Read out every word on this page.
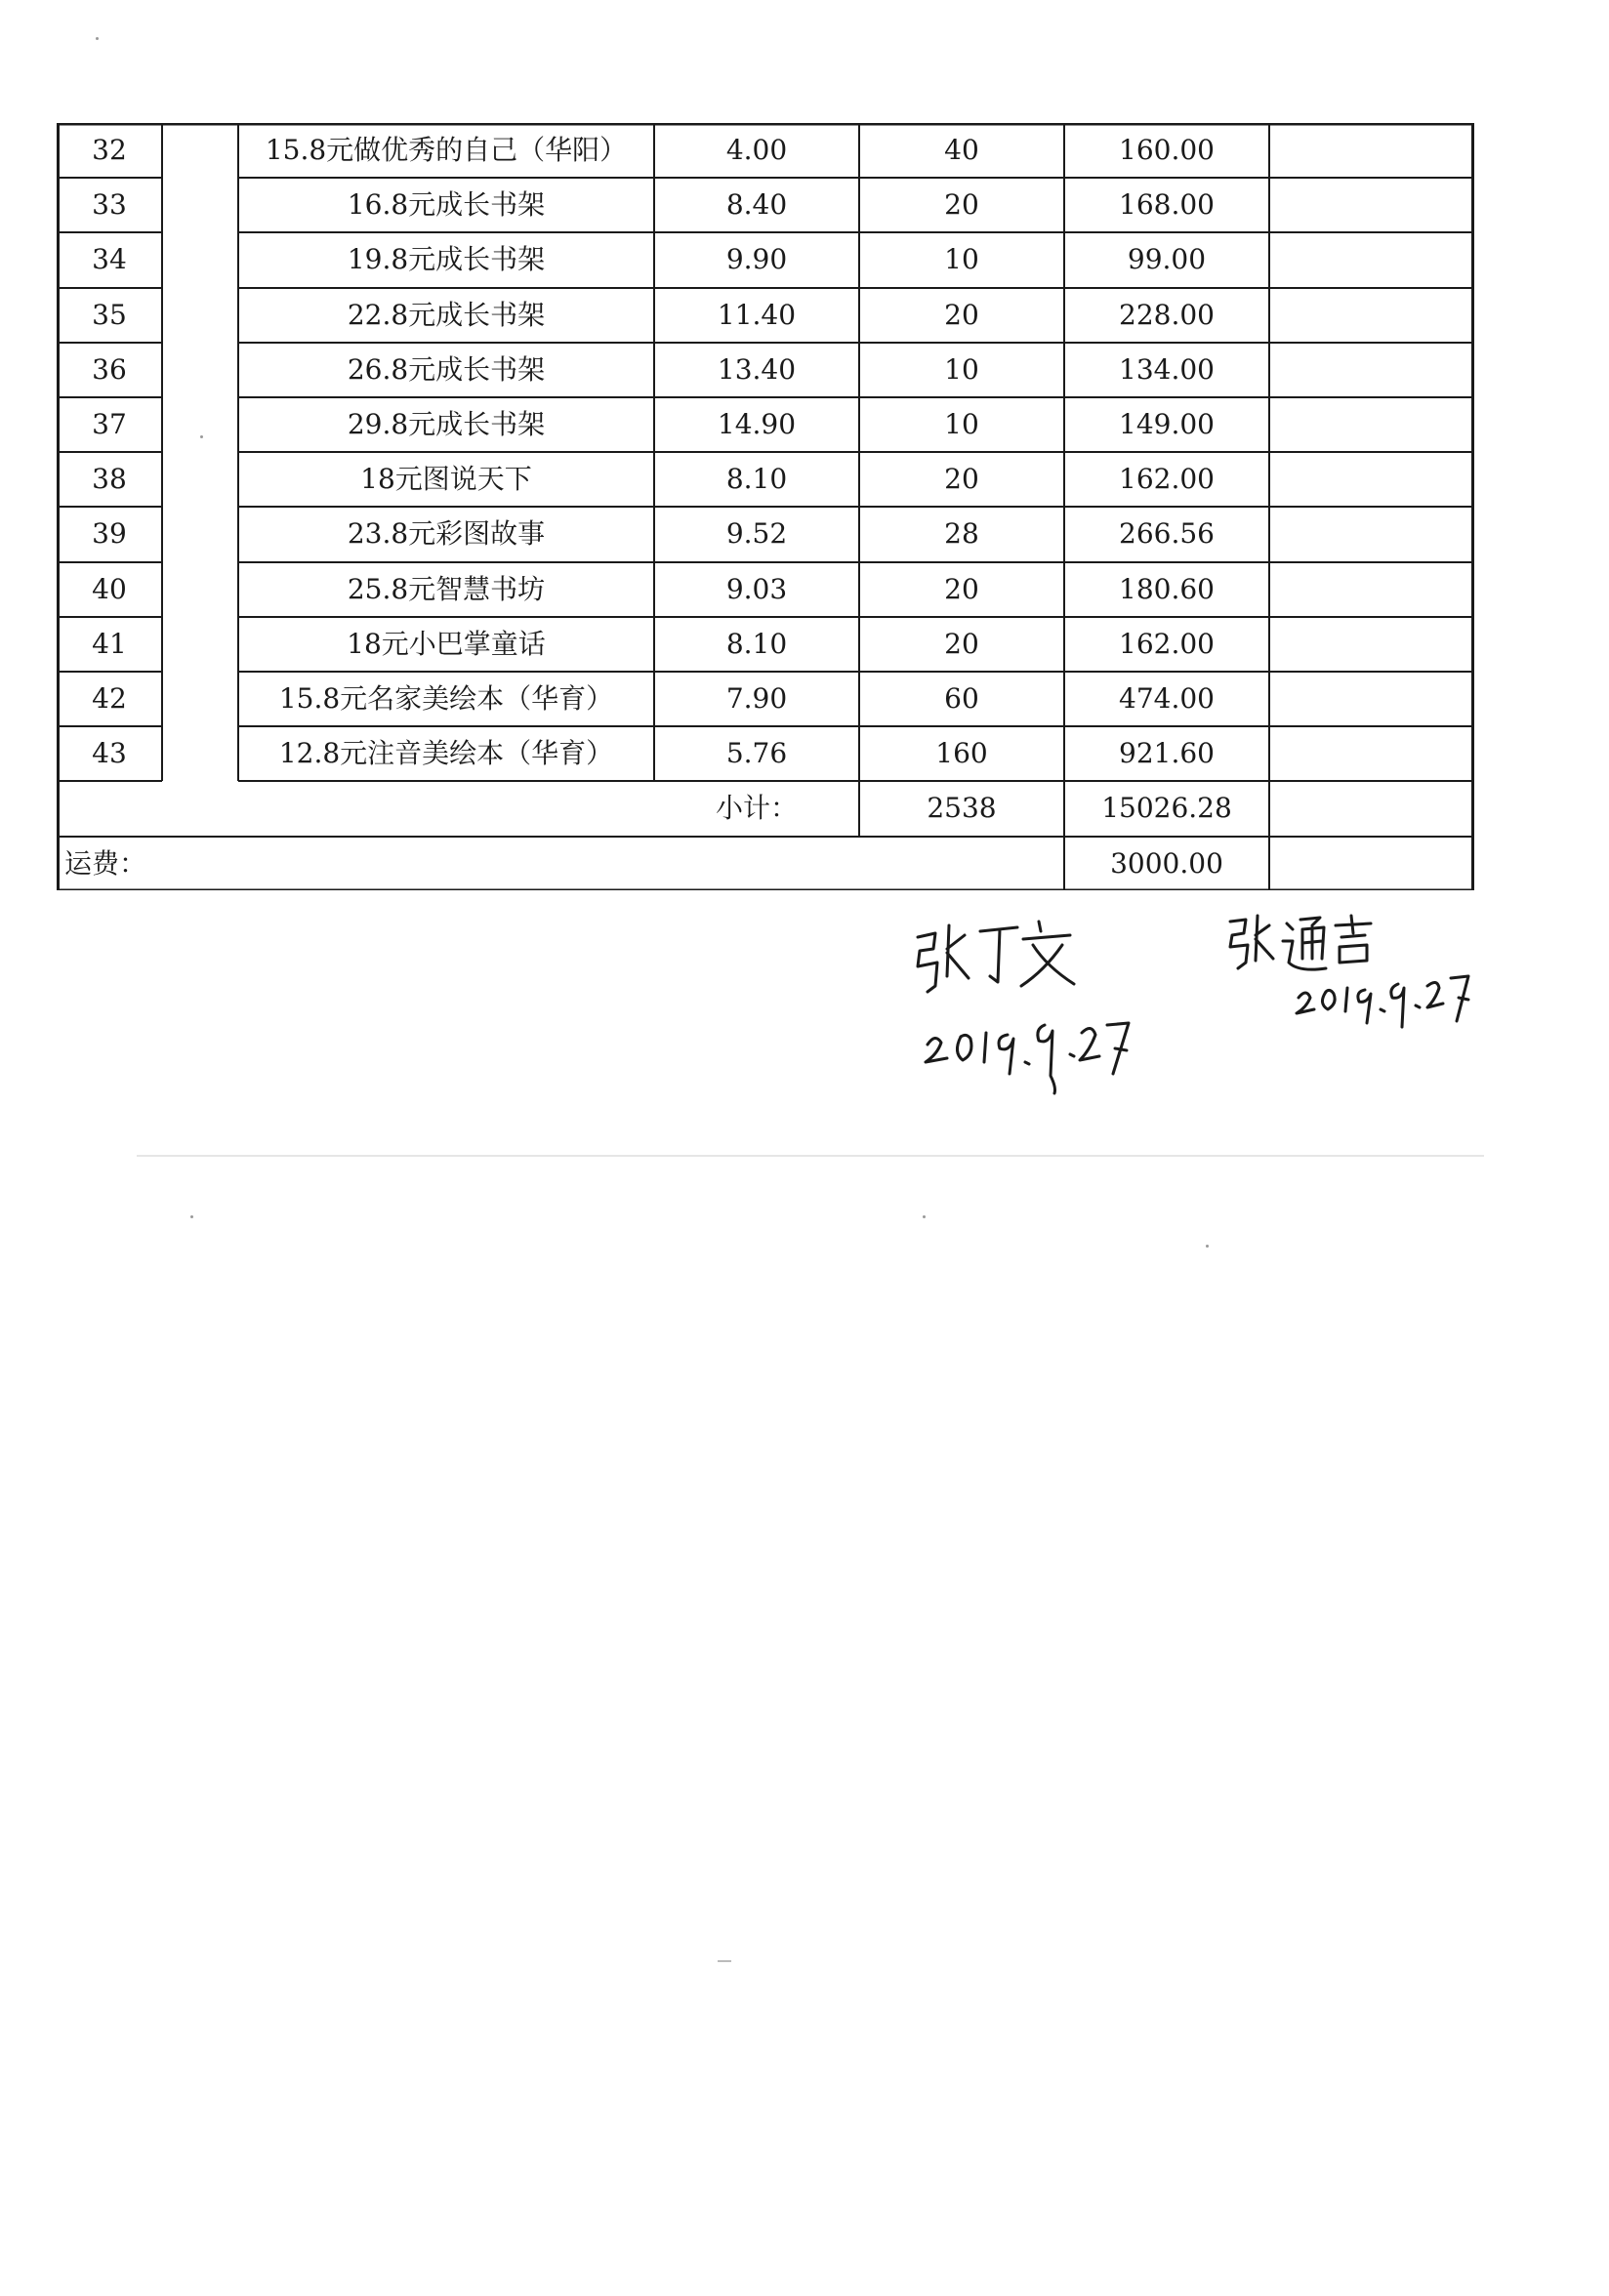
32	15.8元做优秀的自己（华阳）	4.00	40	160.00
33	16.8元成长书架	8.40	20	168.00
34	19.8元成长书架	9.90	10	99.00
35	22.8元成长书架	11.40	20	228.00
36	26.8元成长书架	13.40	10	134.00
37	29.8元成长书架	14.90	10	149.00
38	18元图说天下	8.10	20	162.00
39	23.8元彩图故事	9.52	28	266.56
40	25.8元智慧书坊	9.03	20	180.60
41	18元小巴掌童话	8.10	20	162.00
42	15.8元名家美绘本（华育）	7.90	60	474.00
43	12.8元注音美绘本（华育）	5.76	160	921.60
小计：	2538	15026.28
运费：	3000.00
